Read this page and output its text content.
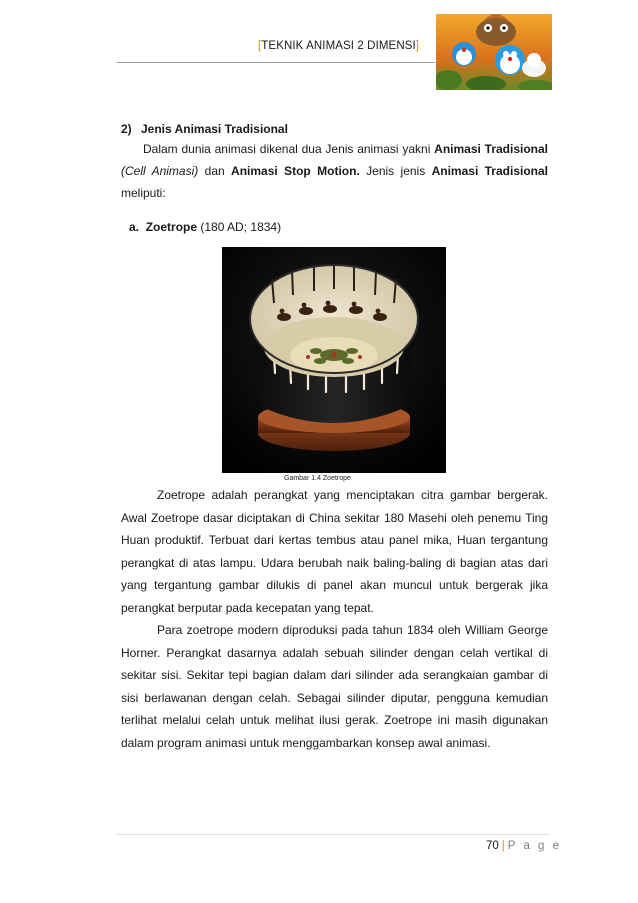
[TEKNIK ANIMASI 2 DIMENSI]
2) Jenis Animasi Tradisional
Dalam dunia animasi dikenal dua Jenis animasi yakni Animasi Tradisional (Cell Animasi) dan Animasi Stop Motion. Jenis jenis Animasi Tradisional meliputi:
a. Zoetrope (180 AD; 1834)
Gambar 1.4 Zoetrope

Zoetrope adalah perangkat yang menciptakan citra gambar bergerak. Awal Zoetrope dasar diciptakan di China sekitar 180 Masehi oleh penemu Ting Huan produktif. Terbuat dari kertas tembus atau panel mika, Huan tergantung perangkat di atas lampu. Udara berubah naik baling-baling di bagian atas dari yang tergantung gambar dilukis di panel akan muncul untuk bergerak jika perangkat berputar pada kecepatan yang tepat.

Para zoetrope modern diproduksi pada tahun 1834 oleh William George Horner. Perangkat dasarnya adalah sebuah silinder dengan celah vertikal di sekitar sisi. Sekitar tepi bagian dalam dari silinder ada serangkaian gambar di sisi berlawanan dengan celah. Sebagai silinder diputar, pengguna kemudian terlihat melalui celah untuk melihat ilusi gerak. Zoetrope ini masih digunakan dalam program animasi untuk menggambarkan konsep awal animasi.

70 | P a g e
